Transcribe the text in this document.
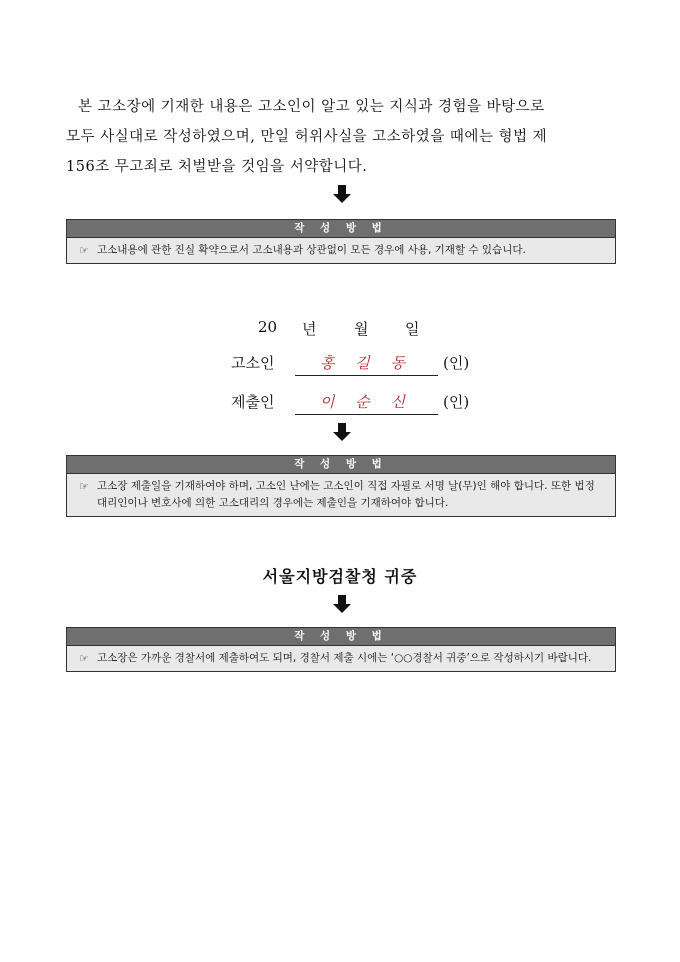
본 고소장에 기재한 내용은 고소인이 알고 있는 지식과 경험을 바탕으로

모두 사실대로 작성하였으며, 만일 허위사실을 고소하였을 때에는 형법 제

156조 무고죄로 처벌받을 것임을 서약합니다.

작 성 방 법
☞ 고소내용에 관한 진실 확약으로서 고소내용과 상관없이 모든 경우에 사용, 기재할 수 있습니다.
20 년	월 일
고소인	홍 길 동	(인)
제출인	이 순 신	(인)
작 성 방 법
☞ 고소장 제출일을 기재하여야 하며, 고소인 난에는 고소인이 직접 자필로 서명 날(무)인 해야 합니다. 또한 법정대리인이나 변호사에 의한 고소대리의 경우에는 제출인을 기재하여야 합니다.
서울지방검찰청 귀중
작 성 방 법
☞ 고소장은 가까운 경찰서에 제출하여도 되며, 경찰서 제출 시에는 ‘○○경찰서 귀중’으로 작성하시기 바랍니다.
